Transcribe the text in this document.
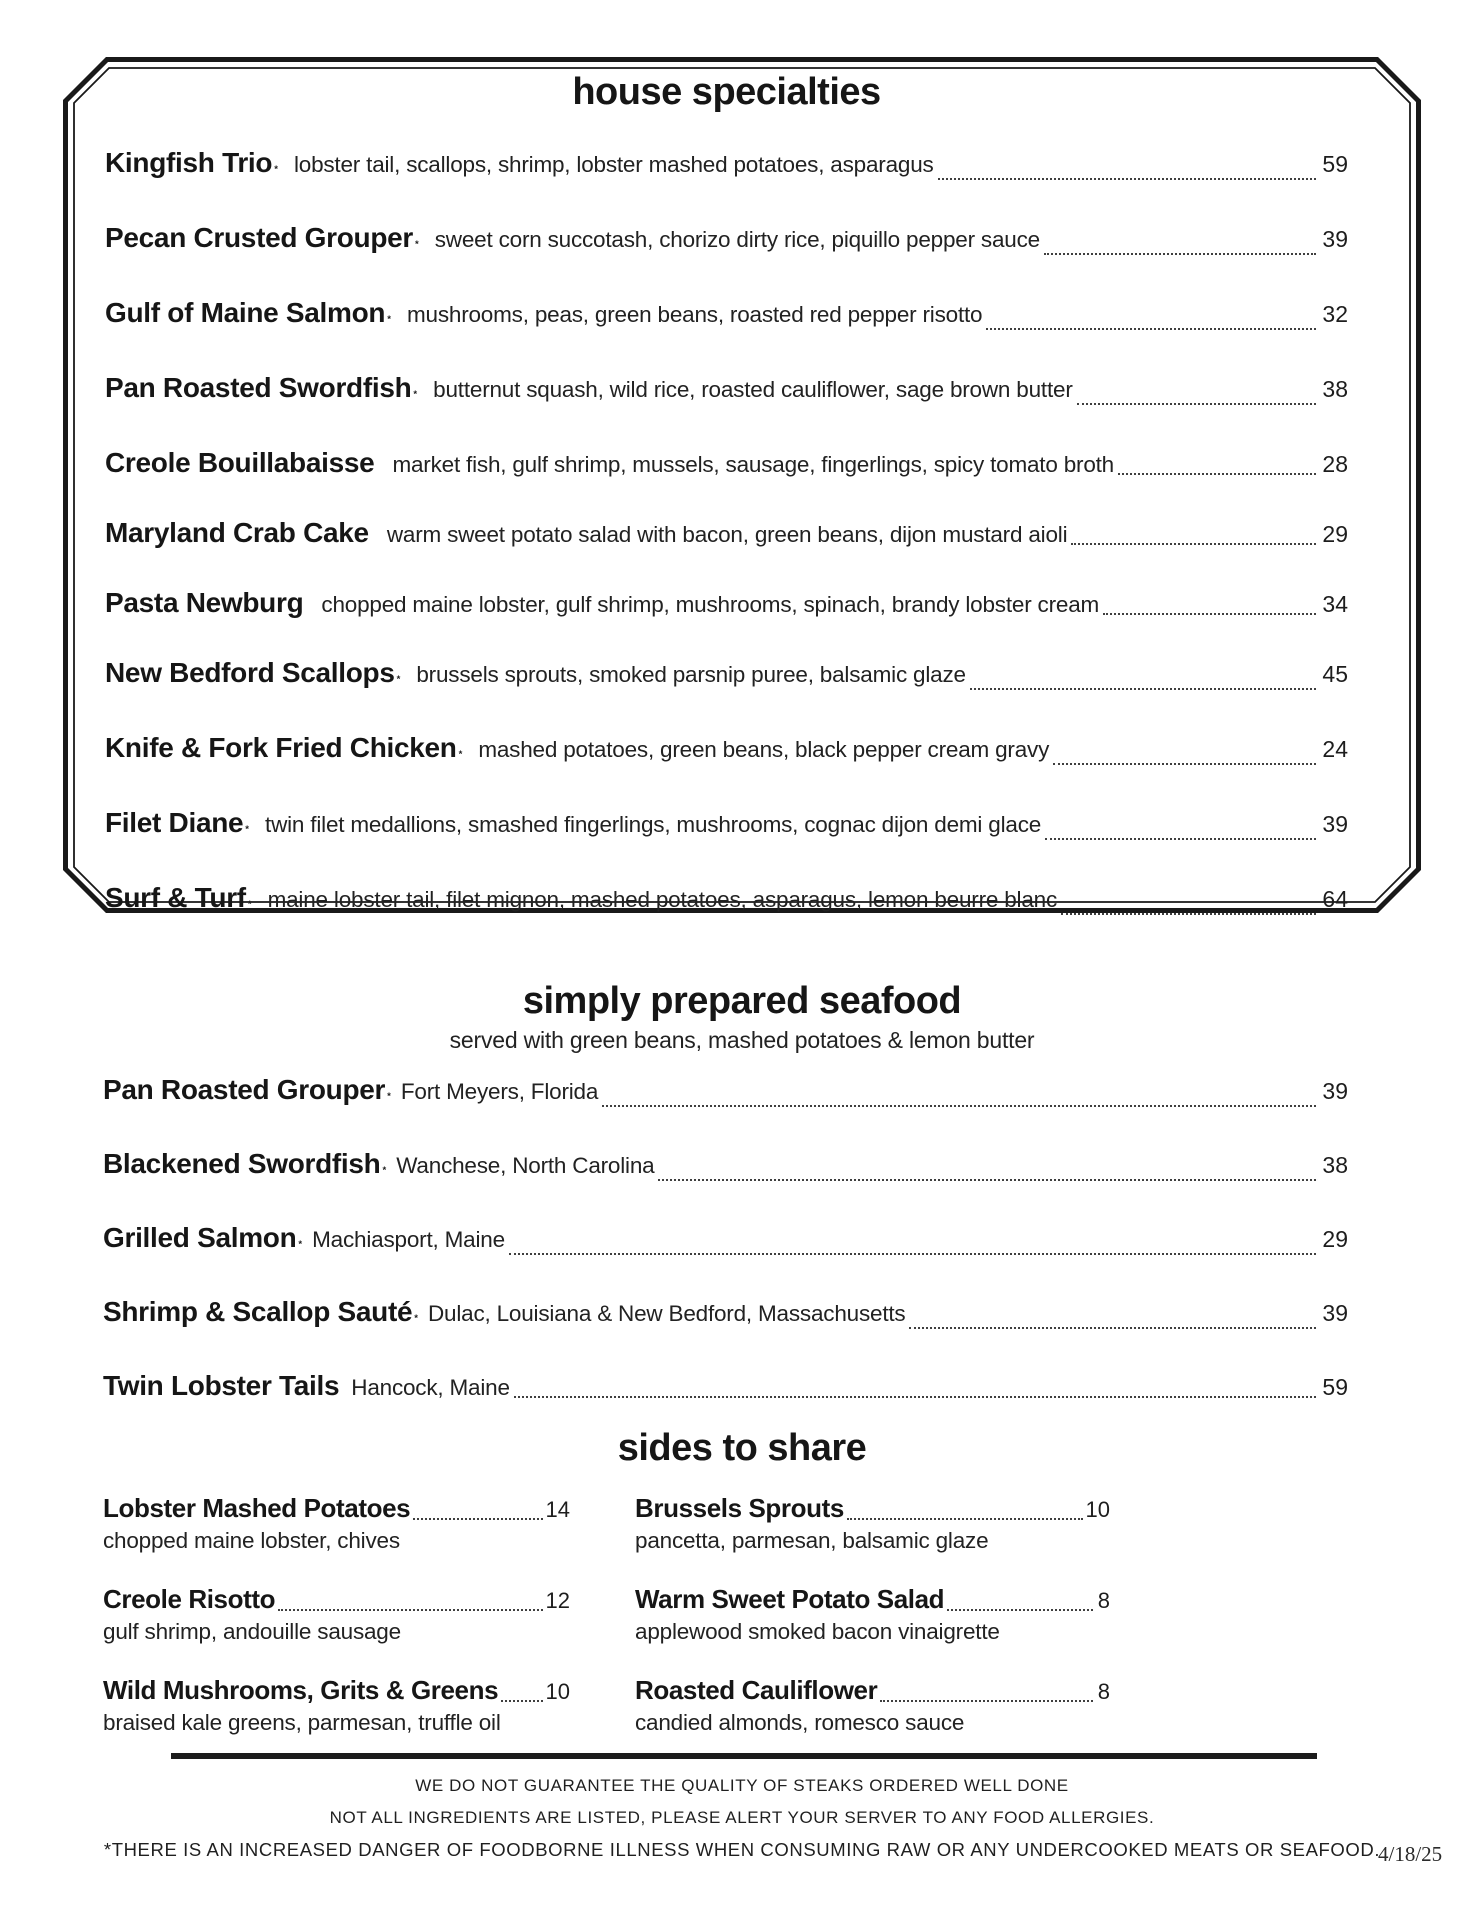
house specialties
Kingfish Trio * lobster tail, scallops, shrimp, lobster mashed potatoes, asparagus	59
Pecan Crusted Grouper * sweet corn succotash, chorizo dirty rice, piquillo pepper sauce	39
Gulf of Maine Salmon * mushrooms, peas, green beans, roasted red pepper risotto	32
Pan Roasted Swordfish * butternut squash, wild rice, roasted cauliflower, sage brown butter	38
Creole Bouillabaisse market fish, gulf shrimp, mussels, sausage, fingerlings, spicy tomato broth	28
Maryland Crab Cake warm sweet potato salad with bacon, green beans, dijon mustard aioli	29
Pasta Newburg chopped maine lobster, gulf shrimp, mushrooms, spinach, brandy lobster cream	34
New Bedford Scallops * brussels sprouts, smoked parsnip puree, balsamic glaze	45
Knife & Fork Fried Chicken * mashed potatoes, green beans, black pepper cream gravy	24
Filet Diane * twin filet medallions, smashed fingerlings, mushrooms, cognac dijon demi glace	39
Surf & Turf * maine lobster tail, filet mignon, mashed potatoes, asparagus, lemon beurre blanc	64
simply prepared seafood
served with green beans, mashed potatoes & lemon butter
Pan Roasted Grouper * Fort Meyers, Florida	39
Blackened Swordfish * Wanchese, North Carolina	38
Grilled Salmon * Machiasport, Maine	29
Shrimp & Scallop Sauté * Dulac, Louisiana & New Bedford, Massachusetts	39
Twin Lobster Tails Hancock, Maine	59
sides to share
Lobster Mashed Potatoes	14
chopped maine lobster, chives
Brussels Sprouts	10
pancetta, parmesan, balsamic glaze
Creole Risotto	12
gulf shrimp, andouille sausage
Warm Sweet Potato Salad	8
applewood smoked bacon vinaigrette
Wild Mushrooms, Grits & Greens 10
braised kale greens, parmesan, truffle oil
Roasted Cauliflower	8
candied almonds, romesco sauce
WE DO NOT GUARANTEE THE QUALITY OF STEAKS ORDERED WELL DONE
NOT ALL INGREDIENTS ARE LISTED, PLEASE ALERT YOUR SERVER TO ANY FOOD ALLERGIES.
*THERE IS AN INCREASED DANGER OF FOODBORNE ILLNESS WHEN CONSUMING RAW OR ANY UNDERCOOKED MEATS OR SEAFOOD.
4/18/25
